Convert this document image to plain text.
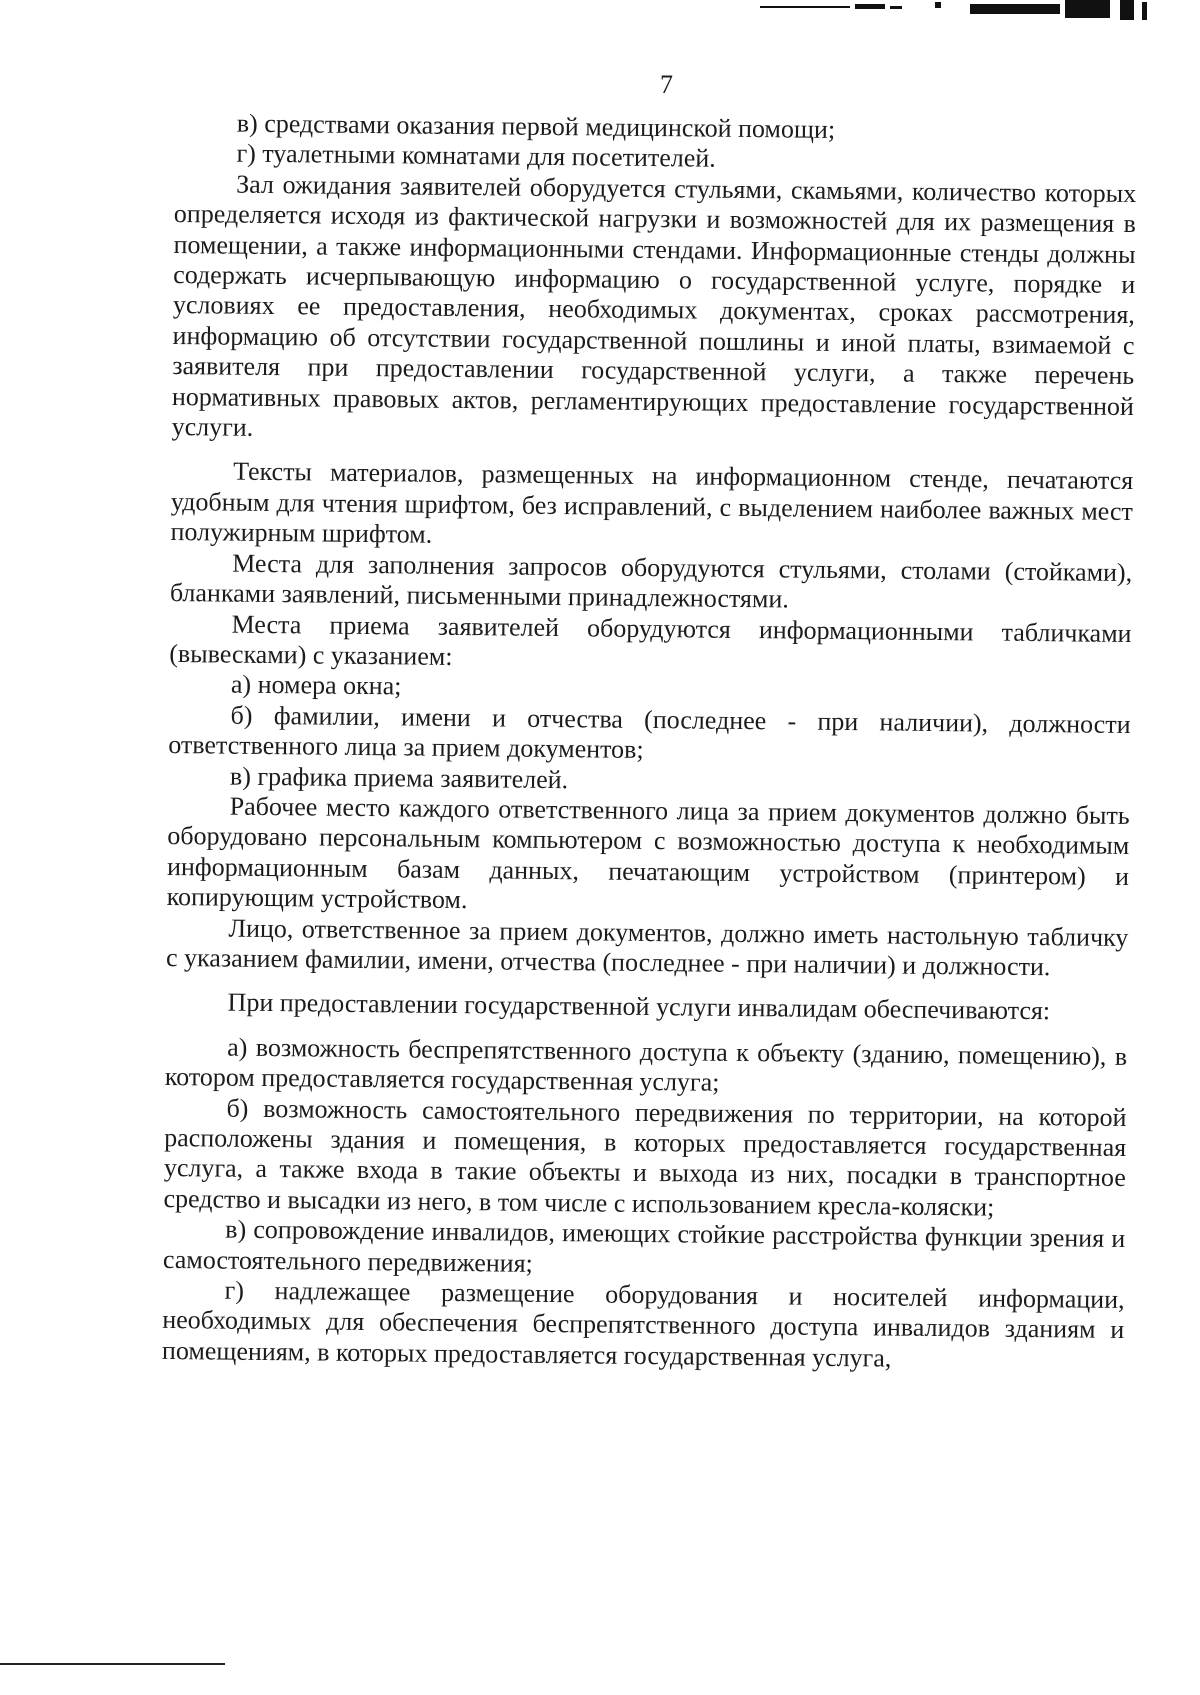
7

в) средствами оказания первой медицинской помощи;

г) туалетными комнатами для посетителей.

Зал ожидания заявителей оборудуется стульями, скамьями, количество которых определяется исходя из фактической нагрузки и возможностей для их размещения в помещении, а также информационными стендами. Информационные стенды должны содержать исчерпывающую информацию о государственной услуге, порядке и условиях ее предоставления, необходимых документах, сроках рассмотрения, информацию об отсутствии государственной пошлины и иной платы, взимаемой с заявителя при предоставлении государственной услуги, а также перечень нормативных правовых актов, регламентирующих предоставление государственной услуги.

Тексты материалов, размещенных на информационном стенде, печатаются удобным для чтения шрифтом, без исправлений, с выделением наиболее важных мест полужирным шрифтом.

Места для заполнения запросов оборудуются стульями, столами (стойками), бланками заявлений, письменными принадлежностями.

Места приема заявителей оборудуются информационными табличками (вывесками) с указанием:

а) номера окна;

б) фамилии, имени и отчества (последнее - при наличии), должности ответственного лица за прием документов;

в) графика приема заявителей.

Рабочее место каждого ответственного лица за прием документов должно быть оборудовано персональным компьютером с возможностью доступа к необходимым информационным базам данных, печатающим устройством (принтером) и копирующим устройством.

Лицо, ответственное за прием документов, должно иметь настольную табличку с указанием фамилии, имени, отчества (последнее - при наличии) и должности.

При предоставлении государственной услуги инвалидам обеспечиваются:

а) возможность беспрепятственного доступа к объекту (зданию, помещению), в котором предоставляется государственная услуга;

б) возможность самостоятельного передвижения по территории, на которой расположены здания и помещения, в которых предоставляется государственная услуга, а также входа в такие объекты и выхода из них, посадки в транспортное средство и высадки из него, в том числе с использованием кресла-коляски;

в) сопровождение инвалидов, имеющих стойкие расстройства функции зрения и самостоятельного передвижения;

г) надлежащее размещение оборудования и носителей информации, необходимых для обеспечения беспрепятственного доступа инвалидов зданиям и помещениям, в которых предоставляется государственная услуга,
